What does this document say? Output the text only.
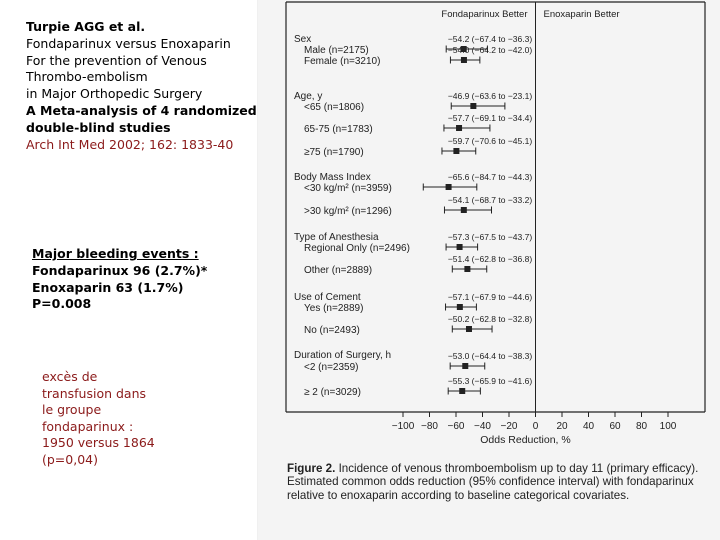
Turpie AGG et al.
Fondaparinux versus Enoxaparin
For the prevention of Venous
Thrombo-embolism
in Major Orthopedic Surgery
A Meta-analysis of 4 randomized
double-blind studies
Arch Int Med 2002; 162: 1833-40
Major bleeding events :
Fondaparinux 96 (2.7%)*
Enoxaparin 63 (1.7%)
P=0.008
excès de
transfusion dans
le groupe
fondaparinux :
1950 versus 1864
(p=0,04)
Fondaparinux Better Enoxaparin Better
−100 −80 −60 −40 −20 0 20 40 60 80 100
Odds Reduction, %
Sex
Male (n=2175)
−54.2 (−67.4 to −36.3)
Female (n=3210)
−54.0 (−64.2 to −42.0)
Age, y
<65 (n=1806)
−46.9 (−63.6 to −23.1)
65-75 (n=1783)
−57.7 (−69.1 to −34.4)
≥75 (n=1790)
−59.7 (−70.6 to −45.1)
Body Mass Index
<30 kg/m² (n=3959)
−65.6 (−84.7 to −44.3)
>30 kg/m² (n=1296)
−54.1 (−68.7 to −33.2)
Type of Anesthesia
Regional Only (n=2496)
−57.3 (−67.5 to −43.7)
Other (n=2889)
−51.4 (−62.8 to −36.8)
Use of Cement
Yes (n=2889)
−57.1 (−67.9 to −44.6)
No (n=2493)
−50.2 (−62.8 to −32.8)
Duration of Surgery, h
<2 (n=2359)
−53.0 (−64.4 to −38.3)
≥ 2 (n=3029)
−55.3 (−65.9 to −41.6)
Figure 2. Incidence of venous thromboembolism up to day 11 (primary efficacy). Estimated common odds reduction (95% confidence interval) with fondaparinux relative to enoxaparin according to baseline categorical covariates.
